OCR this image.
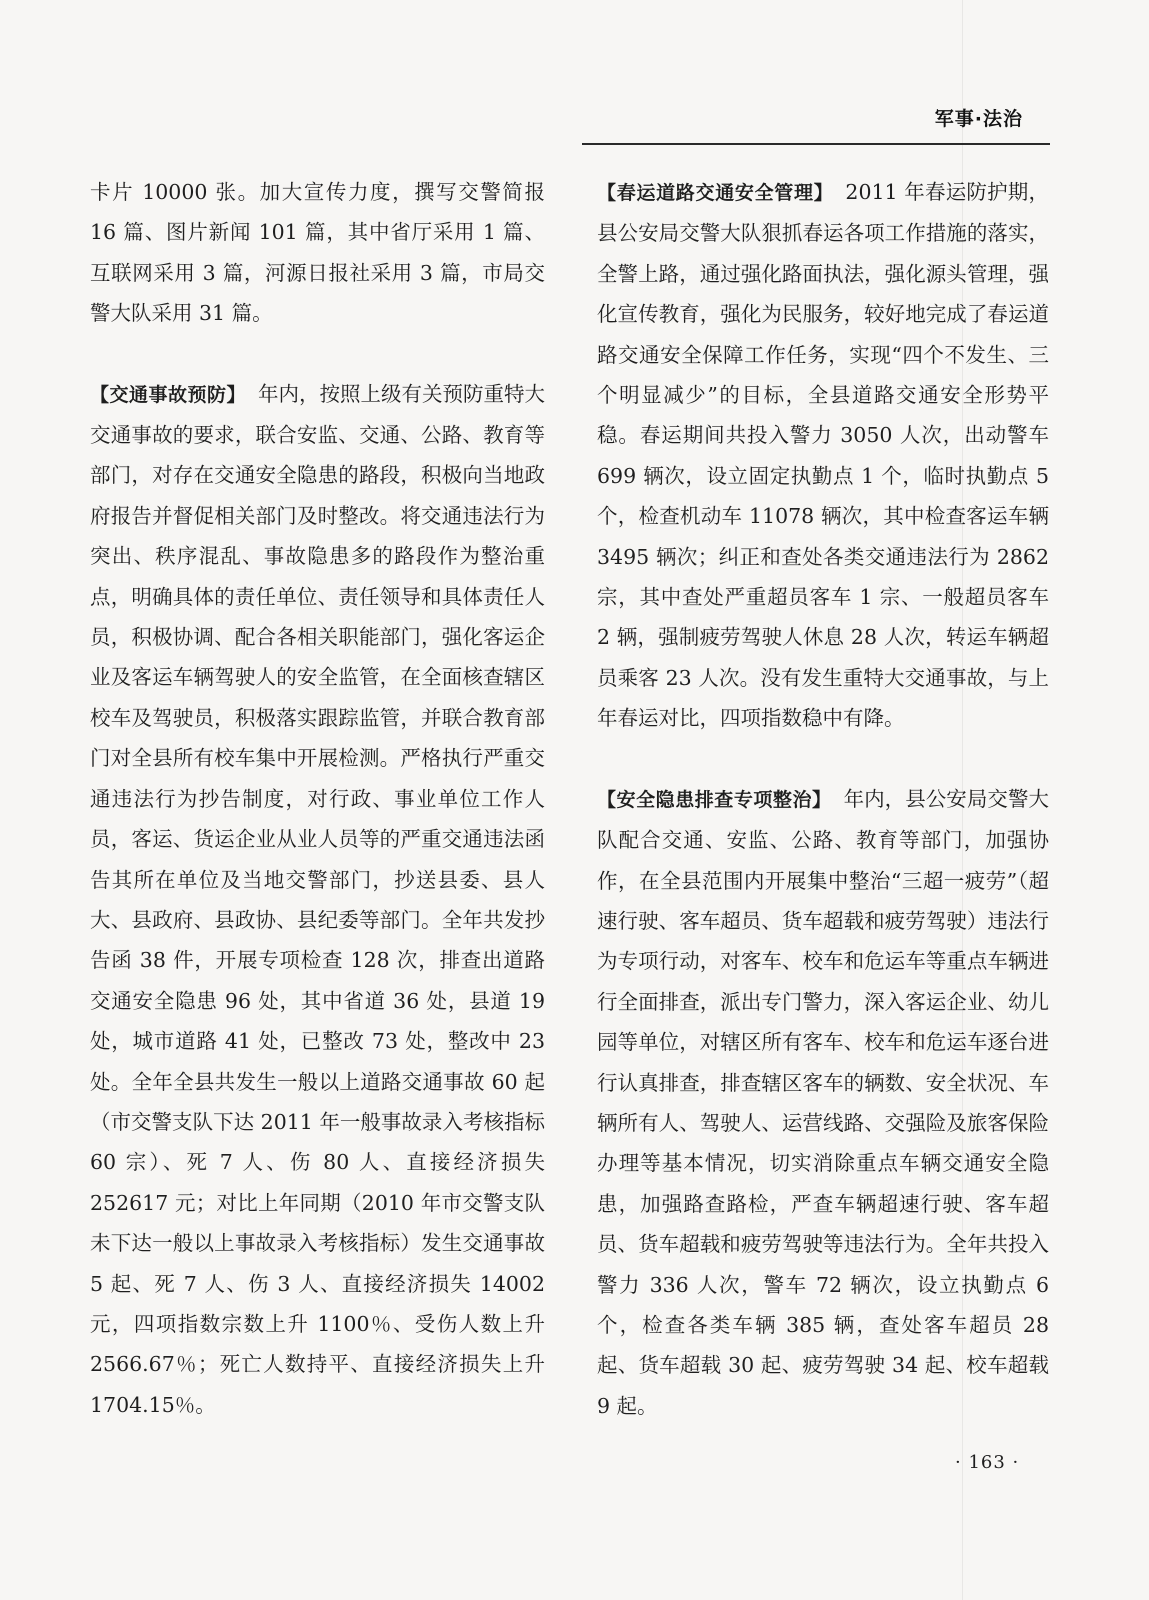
军事·法治

卡片 10000 张。加大宣传力度，撰写交警简报 16 篇、图片新闻 101 篇，其中省厅采用 1 篇、互联网采用 3 篇，河源日报社采用 3 篇，市局交警大队采用 31 篇。

【交通事故预防】 年内，按照上级有关预防重特大交通事故的要求，联合安监、交通、公路、教育等部门，对存在交通安全隐患的路段，积极向当地政府报告并督促相关部门及时整改。将交通违法行为突出、秩序混乱、事故隐患多的路段作为整治重点，明确具体的责任单位、责任领导和具体责任人员，积极协调、配合各相关职能部门，强化客运企业及客运车辆驾驶人的安全监管，在全面核查辖区校车及驾驶员，积极落实跟踪监管，并联合教育部门对全县所有校车集中开展检测。严格执行严重交通违法行为抄告制度，对行政、事业单位工作人员，客运、货运企业从业人员等的严重交通违法函告其所在单位及当地交警部门，抄送县委、县人大、县政府、县政协、县纪委等部门。全年共发抄告函 38 件，开展专项检查 128 次，排查出道路交通安全隐患 96 处，其中省道 36 处，县道 19 处，城市道路 41 处，已整改 73 处，整改中 23 处。全年全县共发生一般以上道路交通事故 60 起（市交警支队下达 2011 年一般事故录入考核指标 60 宗）、死 7 人、伤 80 人、直接经济损失 252617 元；对比上年同期（2010 年市交警支队未下达一般以上事故录入考核指标）发生交通事故 5 起、死 7 人、伤 3 人、直接经济损失 14002 元，四项指数宗数上升 1100％、受伤人数上升 2566.67％；死亡人数持平、直接经济损失上升 1704.15％。

【春运道路交通安全管理】 2011 年春运防护期，县公安局交警大队狠抓春运各项工作措施的落实，全警上路，通过强化路面执法，强化源头管理，强化宣传教育，强化为民服务，较好地完成了春运道路交通安全保障工作任务，实现“四个不发生、三个明显减少”的目标，全县道路交通安全形势平稳。春运期间共投入警力 3050 人次，出动警车 699 辆次，设立固定执勤点 1 个，临时执勤点 5 个，检查机动车 11078 辆次，其中检查客运车辆 3495 辆次；纠正和查处各类交通违法行为 2862 宗，其中查处严重超员客车 1 宗、一般超员客车 2 辆，强制疲劳驾驶人休息 28 人次，转运车辆超员乘客 23 人次。没有发生重特大交通事故，与上年春运对比，四项指数稳中有降。

【安全隐患排查专项整治】 年内，县公安局交警大队配合交通、安监、公路、教育等部门，加强协作，在全县范围内开展集中整治“三超一疲劳”（超速行驶、客车超员、货车超载和疲劳驾驶）违法行为专项行动，对客车、校车和危运车等重点车辆进行全面排查，派出专门警力，深入客运企业、幼儿园等单位，对辖区所有客车、校车和危运车逐台进行认真排查，排查辖区客车的辆数、安全状况、车辆所有人、驾驶人、运营线路、交强险及旅客保险办理等基本情况，切实消除重点车辆交通安全隐患，加强路查路检，严查车辆超速行驶、客车超员、货车超载和疲劳驾驶等违法行为。全年共投入警力 336 人次，警车 72 辆次，设立执勤点 6 个，检查各类车辆 385 辆，查处客车超员 28 起、货车超载 30 起、疲劳驾驶 34 起、校车超载 9 起。

· 163 ·
